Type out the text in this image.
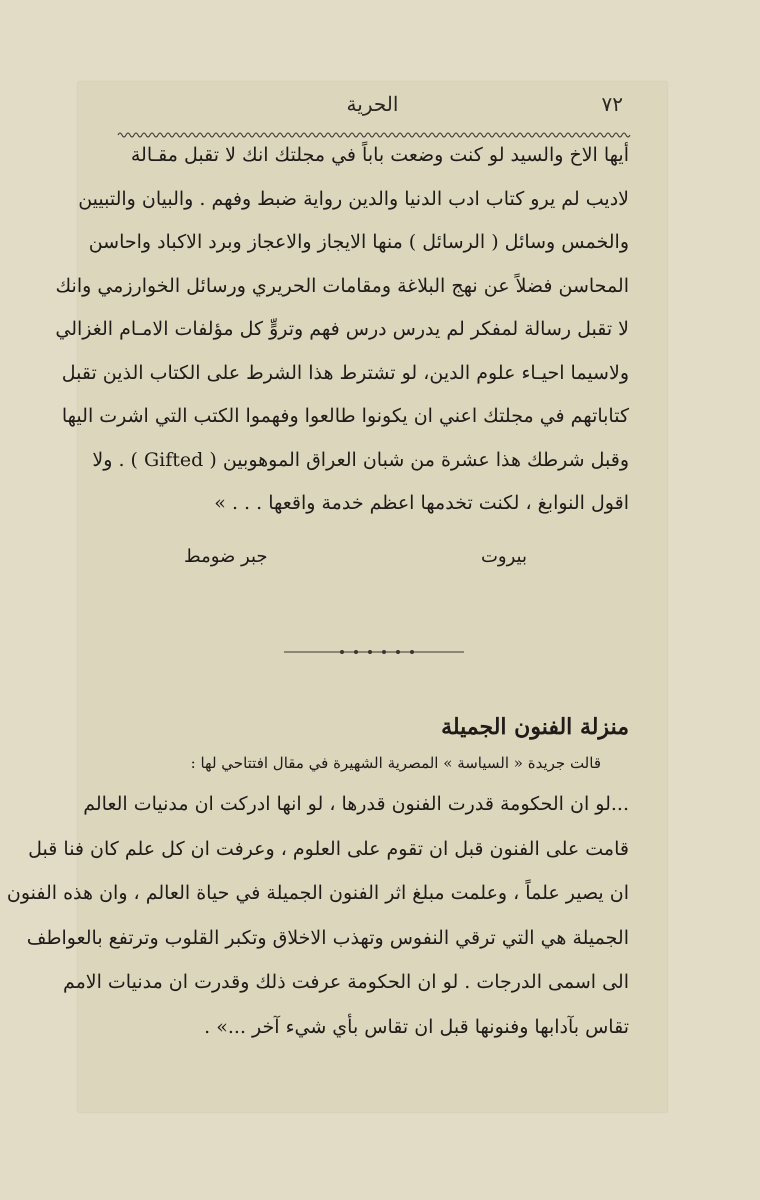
٧٢
الحرية

أيها الاخ والسيد لو كنت وضعت باباً في مجلتك انك لا تقبل مقـالة

لاديب لم يرو كتاب ادب الدنيا والدين رواية ضبط وفهم . والبيان والتبيين

والخمس وسائل ( الرسائل ) منها الايجاز والاعجاز وبرد الاكباد واحاسن

المحاسن فضلاً عن نهج البلاغة ومقامات الحريري ورسائل الخوارزمي وانك

لا تقبل رسالة لمفكر لم يدرس درس فهم وتروٍّ كل مؤلفات الامـام الغزالي

ولاسيما احيـاء علوم الدين، لو تشترط هذا الشرط على الكتاب الذين تقبل

كتاباتهم في مجلتك اعني ان يكونوا طالعوا وفهموا الكتب التي اشرت اليها

وقبل شرطك هذا عشرة من شبان العراق الموهوبين ( Gifted ) . ولا

اقول النوابغ ، لكنت تخدمها اعظم خدمة واقعها . . . »

بيروت
جبر ضومط
منزلة الفنون الجميلة
قالت جريدة « السياسة » المصرية الشهيرة في مقال افتتاحي لها :

...لو ان الحكومة قدرت الفنون قدرها ، لو انها ادركت ان مدنيات العالم

قامت على الفنون قبل ان تقوم على العلوم ، وعرفت ان كل علم كان فنا قبل

ان يصير علماً ، وعلمت مبلغ اثر الفنون الجميلة في حياة العالم ، وان هذه الفنون

الجميلة هي التي ترقي النفوس وتهذب الاخلاق وتكبر القلوب وترتفع بالعواطف

الى اسمى الدرجات . لو ان الحكومة عرفت ذلك وقدرت ان مدنيات الامم

تقاس بآدابها وفنونها قبل ان تقاس بأي شيء آخر ...» .
